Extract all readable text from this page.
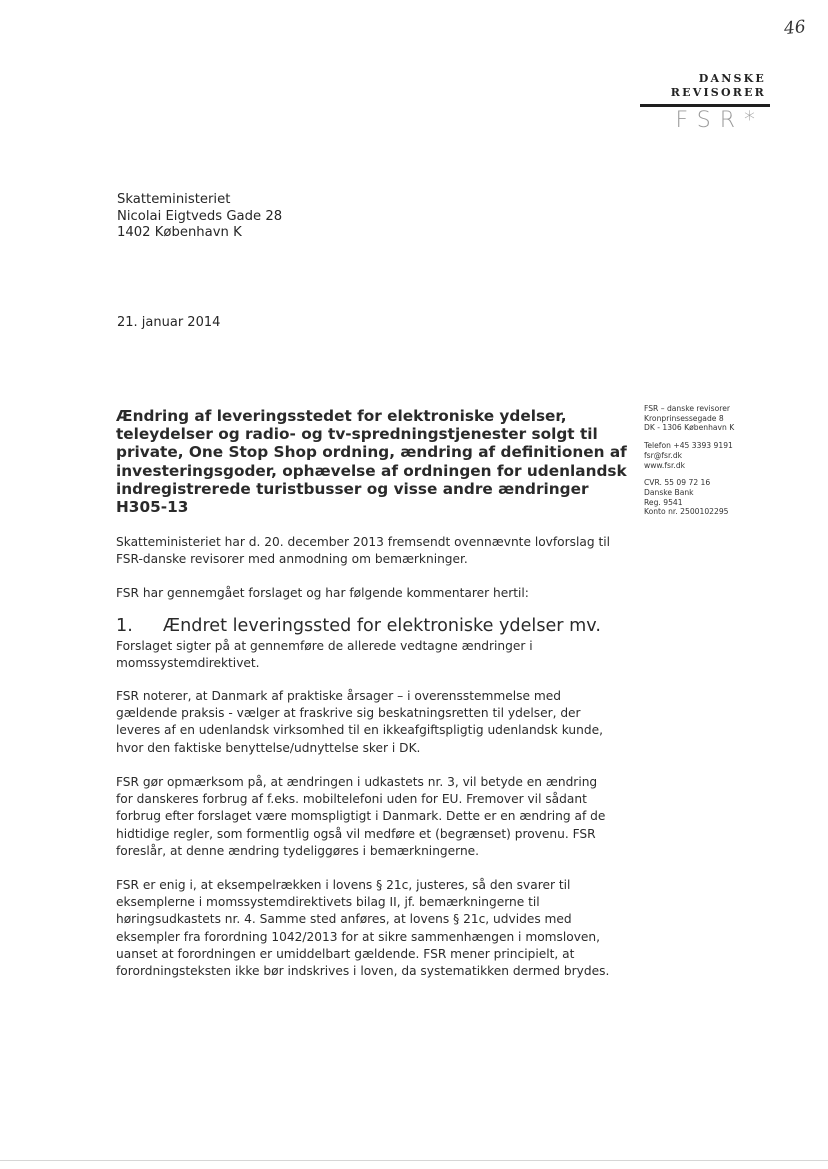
46
DANSKE
REVISORER
FSR*
Skatteministeriet
Nicolai Eigtveds Gade 28
1402 København K
21. januar 2014
Ændring af leveringsstedet for elektroniske ydelser,
teleydelser og radio- og tv-spredningstjenester solgt til
private, One Stop Shop ordning, ændring af definitionen af
investeringsgoder, ophævelse af ordningen for udenlandsk
indregistrerede turistbusser og visse andre ændringer
H305-13
FSR – danske revisorer
Kronprinsessegade 8
DK - 1306 København K
Telefon +45 3393 9191
fsr@fsr.dk
www.fsr.dk
CVR. 55 09 72 16
Danske Bank
Reg. 9541
Konto nr. 2500102295
Skatteministeriet har d. 20. december 2013 fremsendt ovennævnte lovforslag til
FSR-danske revisorer med anmodning om bemærkninger.
FSR har gennemgået forslaget og har følgende kommentarer hertil:
1. Ændret leveringssted for elektroniske ydelser mv.
Forslaget sigter på at gennemføre de allerede vedtagne ændringer i
momssystemdirektivet.
FSR noterer, at Danmark af praktiske årsager – i overensstemmelse med
gældende praksis - vælger at fraskrive sig beskatningsretten til ydelser, der
leveres af en udenlandsk virksomhed til en ikkeafgiftspligtig udenlandsk kunde,
hvor den faktiske benyttelse/udnyttelse sker i DK.
FSR gør opmærksom på, at ændringen i udkastets nr. 3, vil betyde en ændring
for danskeres forbrug af f.eks. mobiltelefoni uden for EU. Fremover vil sådant
forbrug efter forslaget være momspligtigt i Danmark. Dette er en ændring af de
hidtidige regler, som formentlig også vil medføre et (begrænset) provenu. FSR
foreslår, at denne ændring tydeliggøres i bemærkningerne.
FSR er enig i, at eksempelrækken i lovens § 21c, justeres, så den svarer til
eksemplerne i momssystemdirektivets bilag II, jf. bemærkningerne til
høringsudkastets nr. 4. Samme sted anføres, at lovens § 21c, udvides med
eksempler fra forordning 1042/2013 for at sikre sammenhængen i momsloven,
uanset at forordningen er umiddelbart gældende. FSR mener principielt, at
forordningsteksten ikke bør indskrives i loven, da systematikken dermed brydes.
